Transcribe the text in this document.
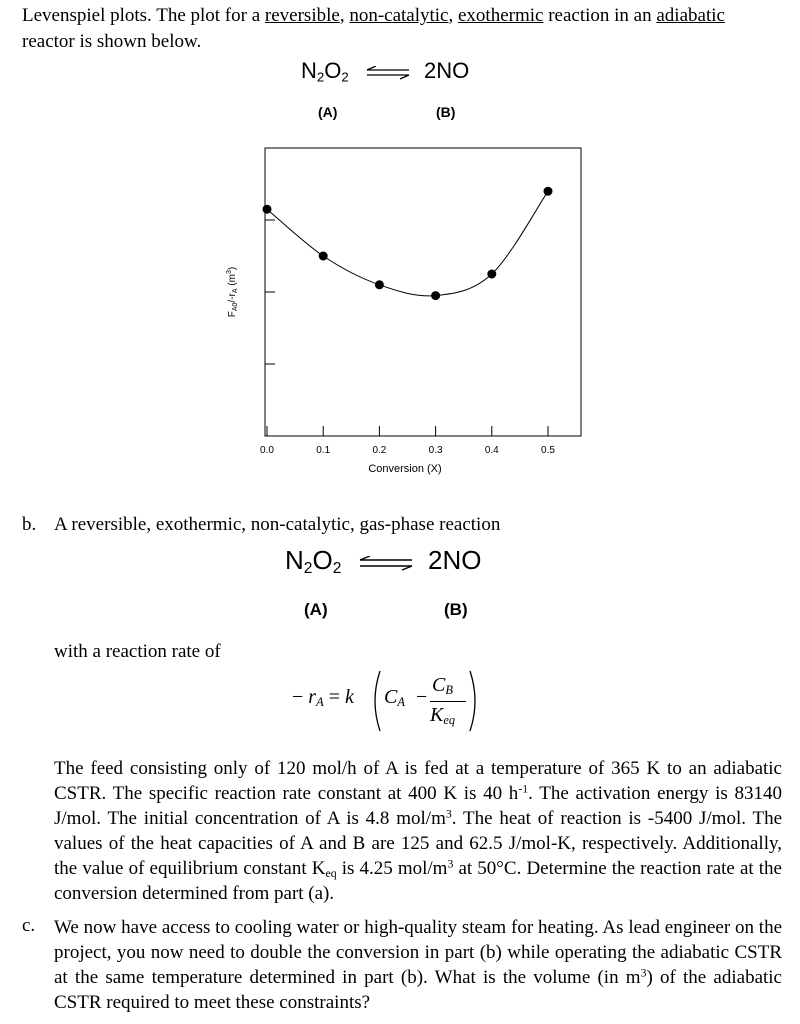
Levenspiel plots. The plot for a reversible, non-catalytic, exothermic reaction in an adiabatic reactor is shown below.
$N_2O_2$	2NO
(A)	(B)
0.0	0.1	0.2	0.3	0.4	0.5
Conversion (X)
$F_{A0}/-r_A$ $(m^3)$
b. A reversible, exothermic, non-catalytic, gas-phase reaction
$N_2O_2$	2NO
(A)	(B)
with a reaction rate of
− $r_A = k$ $C_A$ −
$C_B$
$K_{eq}$
The feed consisting only of 120 mol/h of A is fed at a temperature of 365 K to an adiabatic CSTR. The specific reaction rate constant at 400 K is 40 $h^{-1}$. The activation energy is 83140 J/mol. The initial concentration of A is 4.8 mol/$m^3$. The heat of reaction is -5400 J/mol. The values of the heat capacities of A and B are 125 and 62.5 J/mol-K, respectively. Additionally, the value of equilibrium constant $K_{eq}$ is 4.25 mol/$m^3$ at 50°C. Determine the reaction rate at the conversion determined from part (a).
c. We now have access to cooling water or high-quality steam for heating. As lead engineer on the project, you now need to double the conversion in part (b) while operating the adiabatic CSTR at the same temperature determined in part (b). What is the volume (in $m^3$) of the adiabatic CSTR required to meet these constraints?
